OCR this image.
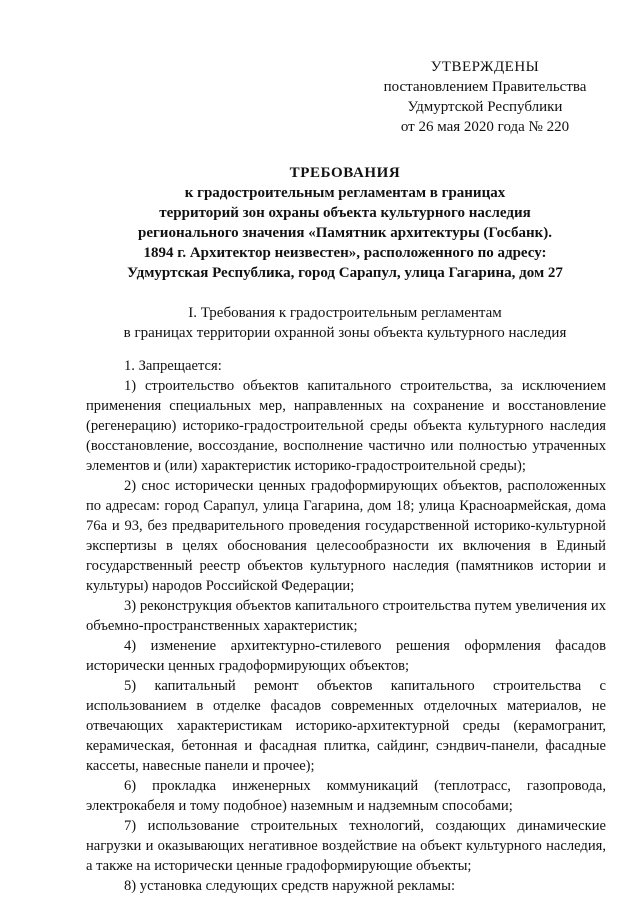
УТВЕРЖДЕНЫ
постановлением Правительства
Удмуртской Республики
от 26 мая 2020 года № 220
ТРЕБОВАНИЯ
к градостроительным регламентам в границах
территорий зон охраны объекта культурного наследия
регионального значения «Памятник архитектуры (Госбанк).
1894 г. Архитектор неизвестен», расположенного по адресу:
Удмуртская Республика, город Сарапул, улица Гагарина, дом 27
I. Требования к градостроительным регламентам
в границах территории охранной зоны объекта культурного наследия

1. Запрещается:

1) строительство объектов капитального строительства, за исключением применения специальных мер, направленных на сохранение и восстановление (регенерацию) историко-градостроительной среды объекта культурного наследия (восстановление, воссоздание, восполнение частично или полностью утраченных элементов и (или) характеристик историко-градостроительной среды);

2) снос исторически ценных градоформирующих объектов, расположенных по адресам: город Сарапул, улица Гагарина, дом 18; улица Красноармейская, дома 76а и 93, без предварительного проведения государственной историко-культурной экспертизы в целях обоснования целесообразности их включения в Единый государственный реестр объектов культурного наследия (памятников истории и культуры) народов Российской Федерации;

3) реконструкция объектов капитального строительства путем увеличения их объемно-пространственных характеристик;

4) изменение архитектурно-стилевого решения оформления фасадов исторически ценных градоформирующих объектов;

5) капитальный ремонт объектов капитального строительства с использованием в отделке фасадов современных отделочных материалов, не отвечающих характеристикам историко-архитектурной среды (керамогранит, керамическая, бетонная и фасадная плитка, сайдинг, сэндвич-панели, фасадные кассеты, навесные панели и прочее);

6) прокладка инженерных коммуникаций (теплотрасс, газопровода, электрокабеля и тому подобное) наземным и надземным способами;

7) использование строительных технологий, создающих динамические нагрузки и оказывающих негативное воздействие на объект культурного наследия, а также на исторически ценные градоформирующие объекты;

8) установка следующих средств наружной рекламы:
